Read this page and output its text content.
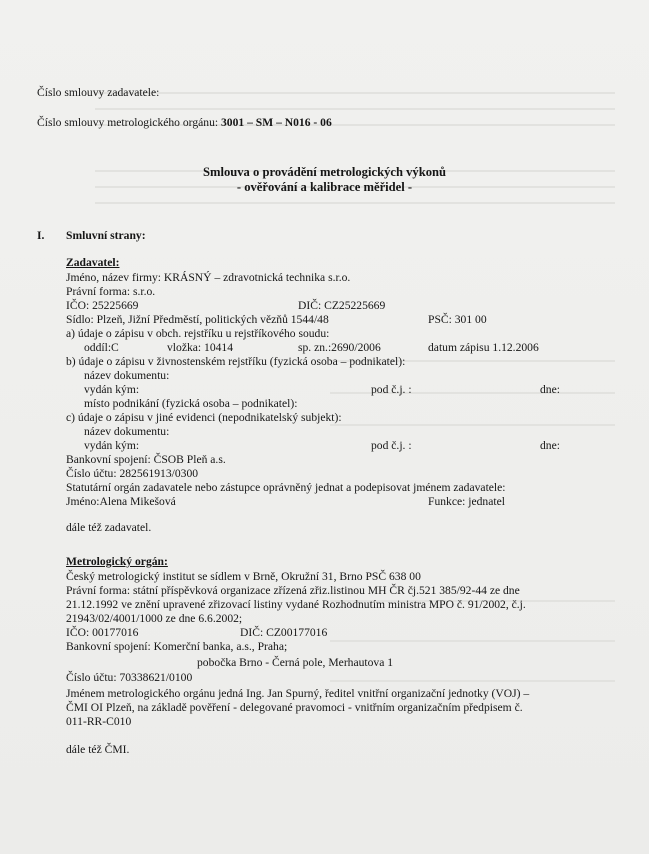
Číslo smlouvy zadavatele:
Číslo smlouvy metrologického orgánu: 3001 – SM – N016 - 06
Smlouva o provádění metrologických výkonů
- ověřování a kalibrace měřidel -
I. Smluvní strany:
Zadavatel:
Jméno, název firmy: KRÁSNÝ – zdravotnická technika s.r.o.
Právní forma: s.r.o.
IČO: 25225669	DIČ: CZ25225669
Sídlo: Plzeň, Jižní Předměstí, politických vězňů 1544/48	PSČ: 301 00
a) údaje o zápisu v obch. rejstříku u rejstříkového soudu:
oddíl:C	vložka: 10414	sp. zn.:2690/2006	datum zápisu 1.12.2006
b) údaje o zápisu v živnostenském rejstříku (fyzická osoba – podnikatel):
název dokumentu:
vydán kým:	pod č.j. :	dne:
místo podnikání (fyzická osoba – podnikatel):
c) údaje o zápisu v jiné evidenci (nepodnikatelský subjekt):
název dokumentu:
vydán kým:	pod č.j. :	dne:
Bankovní spojení: ČSOB Pleň a.s.
Číslo účtu: 282561913/0300
Statutární orgán zadavatele nebo zástupce oprávněný jednat a podepisovat jménem zadavatele:
Jméno:Alena Mikešová	Funkce: jednatel
dále též zadavatel.
Metrologický orgán:
Český metrologický institut se sídlem v Brně, Okružní 31, Brno PSČ 638 00
Právní forma: státní příspěvková organizace zřízená zřiz.listinou MH ČR čj.521 385/92-44 ze dne
21.12.1992 ve znění upravené zřizovací listiny vydané Rozhodnutím ministra MPO č. 91/2002, č.j.
21943/02/4001/1000 ze dne 6.6.2002;
IČO: 00177016	DIČ: CZ00177016
Bankovní spojení: Komerční banka, a.s., Praha;
pobočka Brno - Černá pole, Merhautova 1
Číslo účtu: 70338621/0100
Jménem metrologického orgánu jedná Ing. Jan Spurný, ředitel vnitřní organizační jednotky (VOJ) –
ČMI OI Plzeň, na základě pověření - delegované pravomoci - vnitřním organizačním předpisem č.
011-RR-C010
dále též ČMI.
